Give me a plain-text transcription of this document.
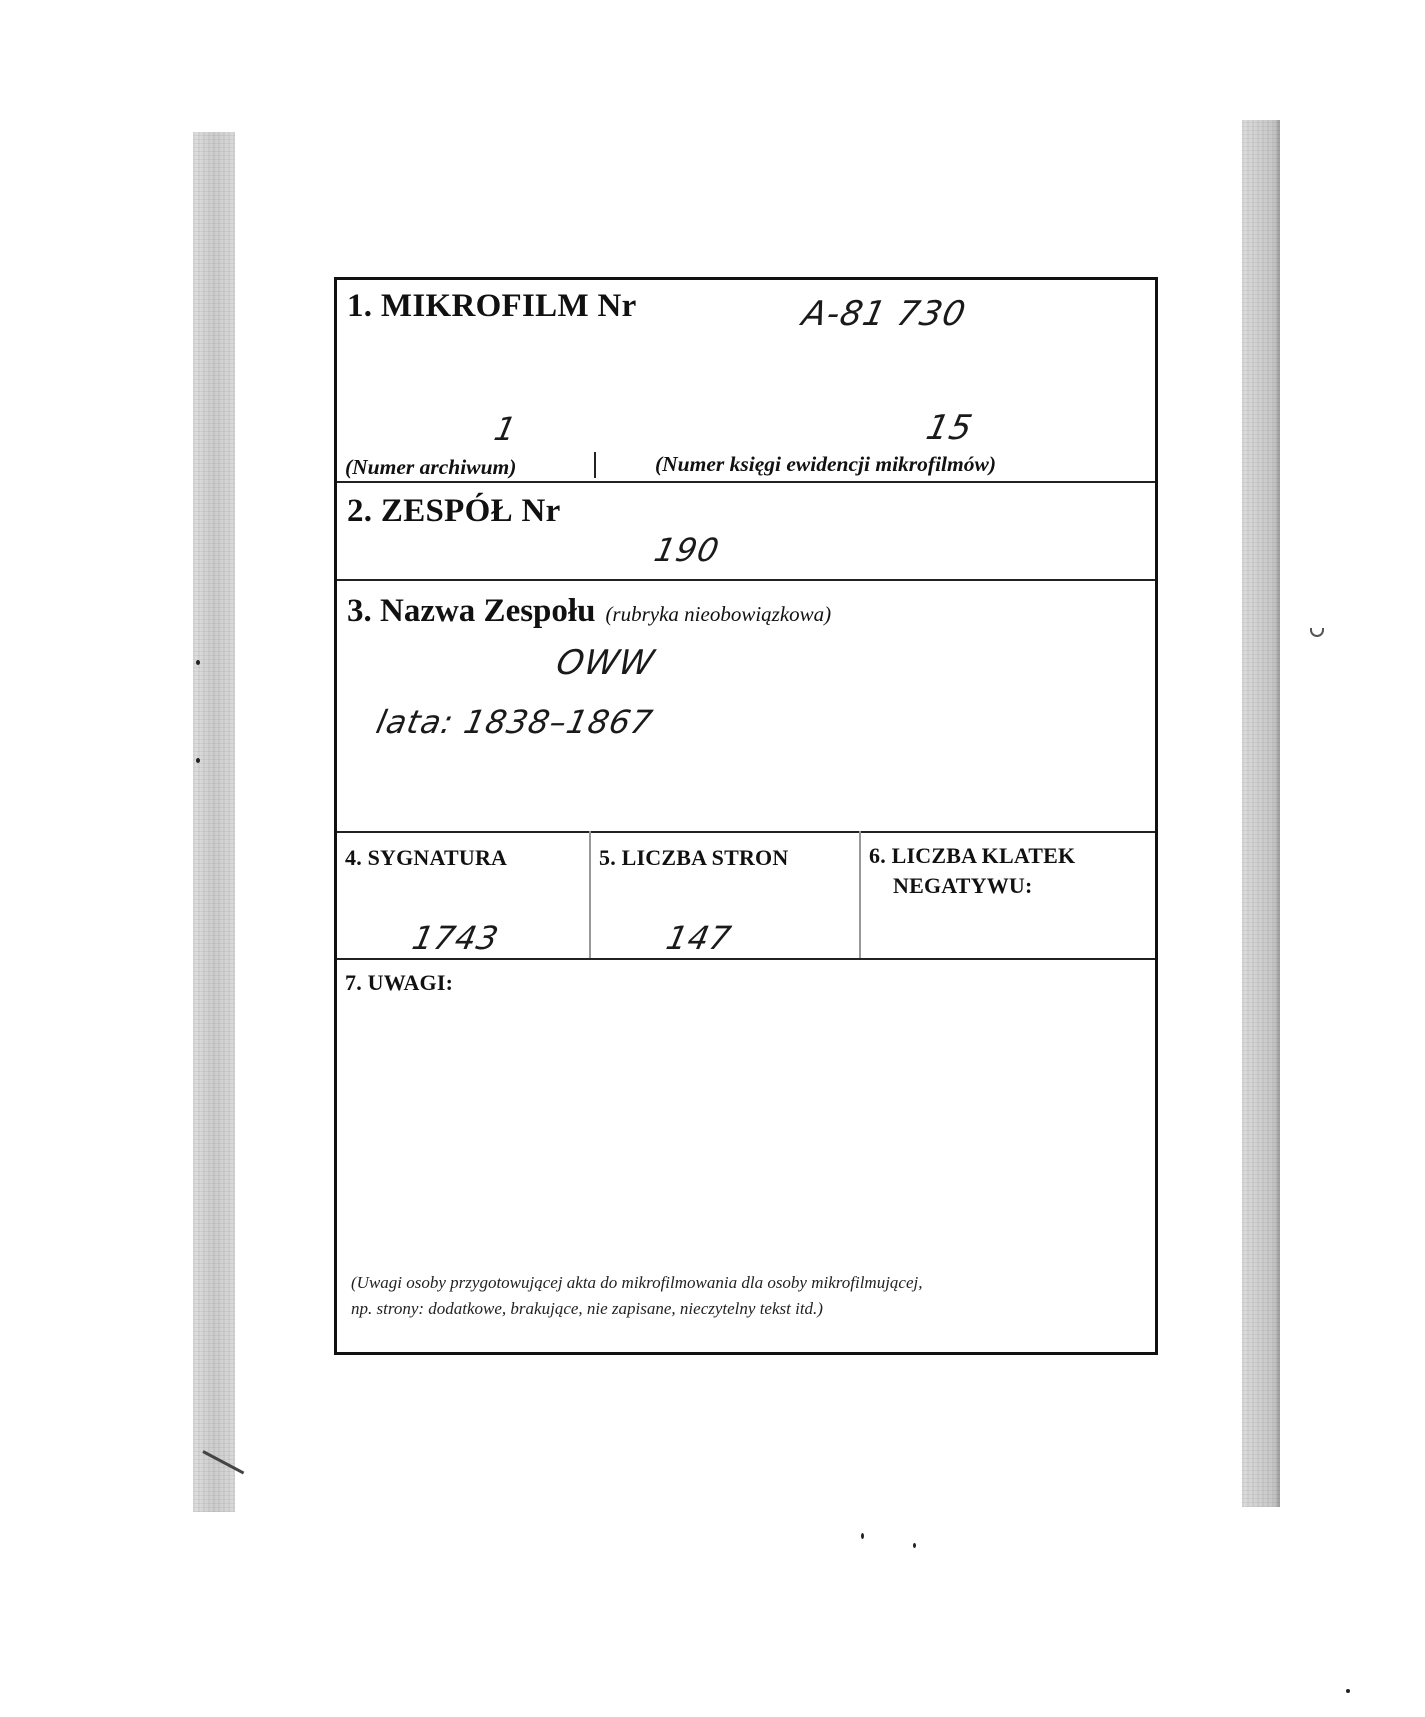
1. MIKROFILM Nr	A-81 730
1	15
(Numer archiwum)	(Numer księgi ewidencji mikrofilmów)
2. ZESPÓŁ Nr
190
3. Nazwa Zespołu (rubryka nieobowiązkowa)
OWW
lata: 1838–1867
4. SYGNATURA
1743
5. LICZBA STRON
147
6. LICZBA KLATEK
NEGATYWU:
7. UWAGI:
(Uwagi osoby przygotowującej akta do mikrofilmowania dla osoby mikrofilmującej,
np. strony: dodatkowe, brakujące, nie zapisane, nieczytelny tekst itd.)
